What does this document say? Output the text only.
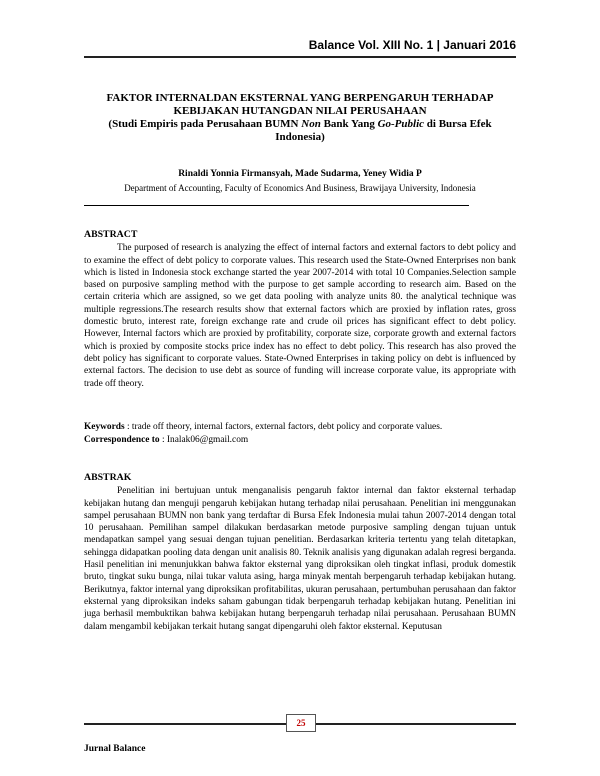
Balance Vol. XIII No. 1 | Januari 2016

FAKTOR INTERNALDAN EKSTERNAL YANG BERPENGARUH TERHADAP

KEBIJAKAN HUTANGDAN NILAI PERUSAHAAN

(Studi Empiris pada Perusahaan BUMN Non Bank Yang Go-Public di Bursa Efek

Indonesia)

Rinaldi Yonnia Firmansyah, Made Sudarma, Yeney Widia P
Department of Accounting, Faculty of Economics And Business, Brawijaya University, Indonesia
ABSTRACT

The purposed of research is analyzing the effect of internal factors and external factors to debt policy and to examine the effect of debt policy to corporate values. This research used the State-Owned Enterprises non bank which is listed in Indonesia stock exchange started the year 2007-2014 with total 10 Companies.Selection sample based on purposive sampling method with the purpose to get sample according to research aim. Based on the certain criteria which are assigned, so we get data pooling with analyze units 80. the analytical technique was multiple regressions.The research results show that external factors which are proxied by inflation rates, gross domestic bruto, interest rate, foreign exchange rate and crude oil prices has significant effect to debt policy. However, Internal factors which are proxied by profitability, corporate size, corporate growth and external factors which is proxied by composite stocks price index has no effect to debt policy. This research has also proved the debt policy has significant to corporate values. State-Owned Enterprises in taking policy on debt is influenced by external factors. The decision to use debt as source of funding will increase corporate value, its appropriate with trade off theory.

Keywords : trade off theory, internal factors, external factors, debt policy and corporate values.
Correspondence to : Inalak06@gmail.com
ABSTRAK

Penelitian ini bertujuan untuk menganalisis pengaruh faktor internal dan faktor eksternal terhadap kebijakan hutang dan menguji pengaruh kebijakan hutang terhadap nilai perusahaan. Penelitian ini menggunakan sampel perusahaan BUMN non bank yang terdaftar di Bursa Efek Indonesia mulai tahun 2007-2014 dengan total 10 perusahaan. Pemilihan sampel dilakukan berdasarkan metode purposive sampling dengan tujuan untuk mendapatkan sampel yang sesuai dengan tujuan penelitian. Berdasarkan kriteria tertentu yang telah ditetapkan, sehingga didapatkan pooling data dengan unit analisis 80. Teknik analisis yang digunakan adalah regresi berganda. Hasil penelitian ini menunjukkan bahwa faktor eksternal yang diproksikan oleh tingkat inflasi, produk domestik bruto, tingkat suku bunga, nilai tukar valuta asing, harga minyak mentah berpengaruh terhadap kebijakan hutang. Berikutnya, faktor internal yang diproksikan profitabilitas, ukuran perusahaan, pertumbuhan perusahaan dan faktor eksternal yang diproksikan indeks saham gabungan tidak berpengaruh terhadap kebijakan hutang. Penelitian ini juga berhasil membuktikan bahwa kebijakan hutang berpengaruh terhadap nilai perusahaan. Perusahaan BUMN dalam mengambil kebijakan terkait hutang sangat dipengaruhi oleh faktor eksternal. Keputusan

25
Jurnal Balance
